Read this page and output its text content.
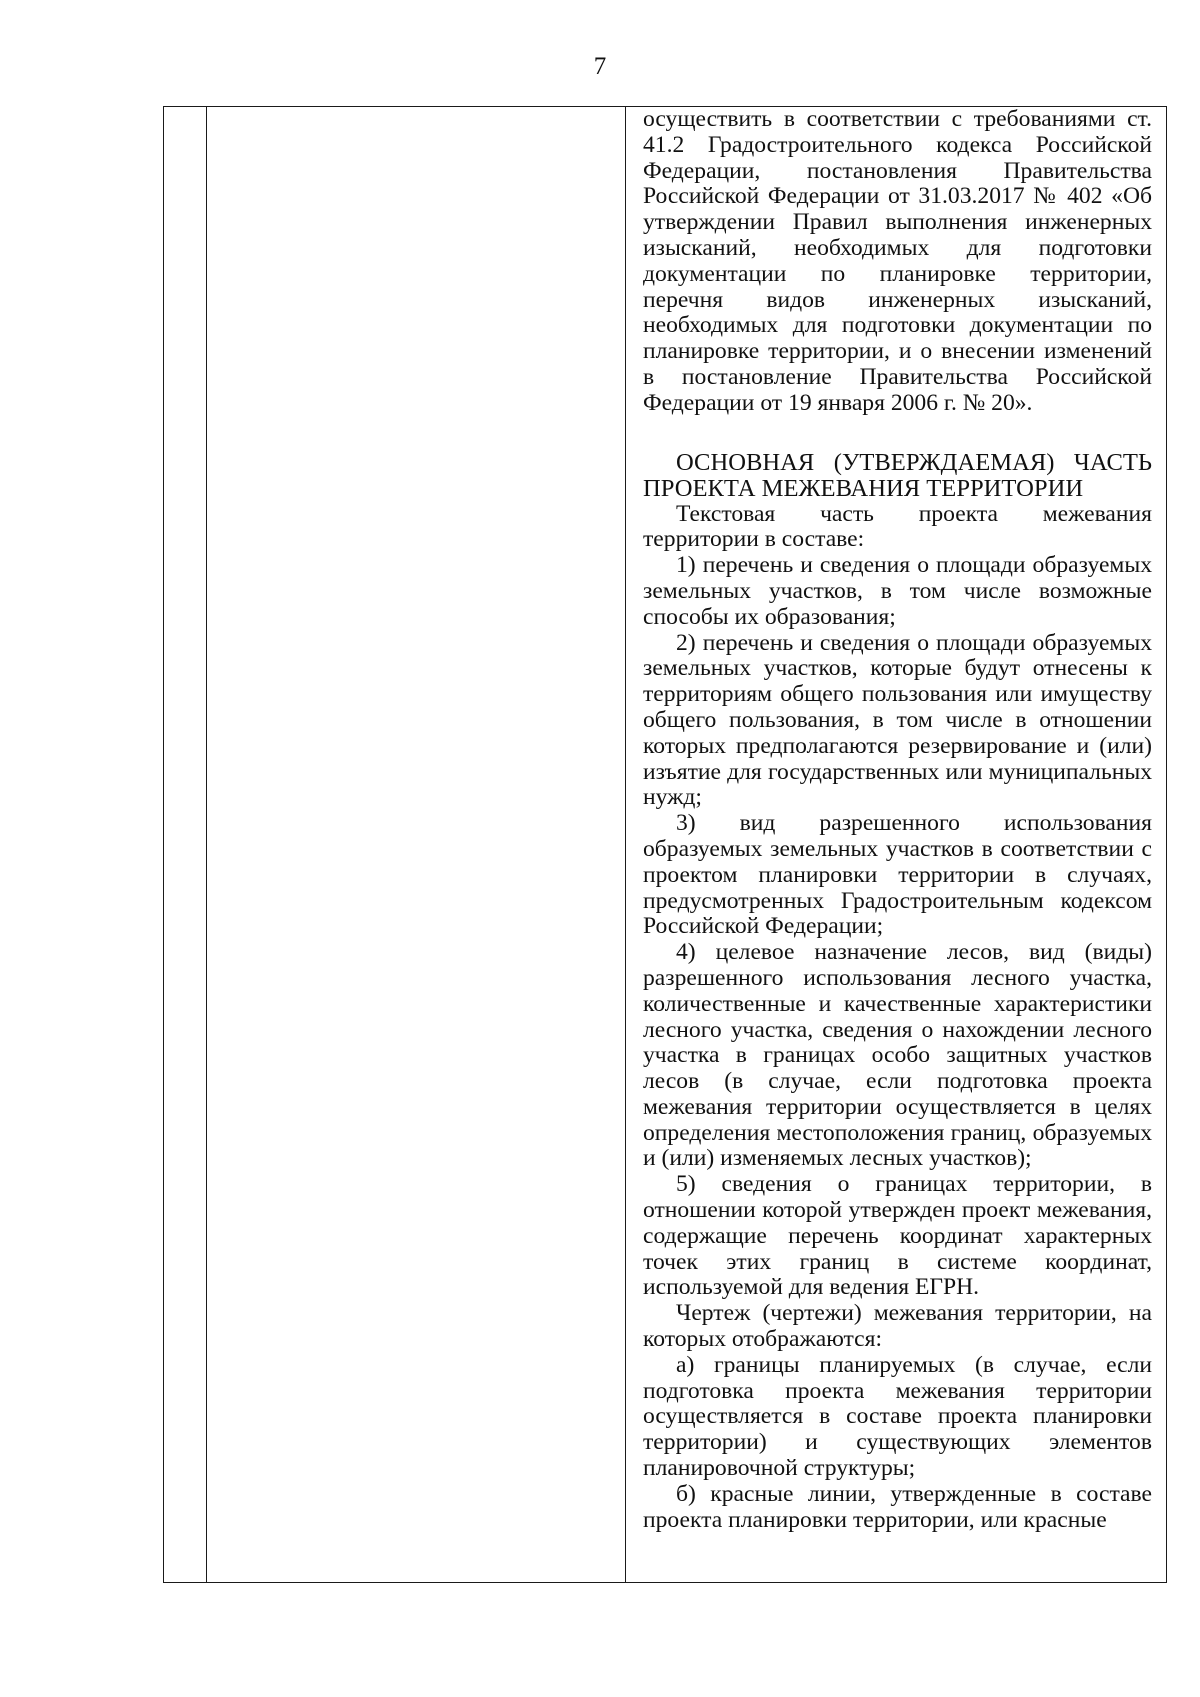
7

осуществить в соответствии с требованиями ст. 41.2 Градостроительного кодекса Российской Федерации, постановления Правительства Российской Федерации от 31.03.2017 № 402 «Об утверждении Правил выполнения инженерных изысканий, необходимых для подготовки документации по планировке территории, перечня видов инженерных изысканий, необходимых для подготовки документации по планировке территории, и о внесении изменений в постановление Правительства Российской Федерации от 19 января 2006 г. № 20».

ОСНОВНАЯ (УТВЕРЖДАЕМАЯ) ЧАСТЬ ПРОЕКТА МЕЖЕВАНИЯ ТЕРРИТОРИИ

Текстовая часть проекта межевания территории в составе:

1) перечень и сведения о площади образуемых земельных участков, в том числе возможные способы их образования;

2) перечень и сведения о площади образуемых земельных участков, которые будут отнесены к территориям общего пользования или имуществу общего пользования, в том числе в отношении которых предполагаются резервирование и (или) изъятие для государственных или муниципальных нужд;

3) вид разрешенного использования образуемых земельных участков в соответствии с проектом планировки территории в случаях, предусмотренных Градостроительным кодексом Российской Федерации;

4) целевое назначение лесов, вид (виды) разрешенного использования лесного участка, количественные и качественные характеристики лесного участка, сведения о нахождении лесного участка в границах особо защитных участков лесов (в случае, если подготовка проекта межевания территории осуществляется в целях определения местоположения границ, образуемых и (или) изменяемых лесных участков);

5) сведения о границах территории, в отношении которой утвержден проект межевания, содержащие перечень координат характерных точек этих границ в системе координат, используемой для ведения ЕГРН.

Чертеж (чертежи) межевания территории, на которых отображаются:

а) границы планируемых (в случае, если подготовка проекта межевания территории осуществляется в составе проекта планировки территории) и существующих элементов планировочной структуры;

б) красные линии, утвержденные в составе проекта планировки территории, или красные
